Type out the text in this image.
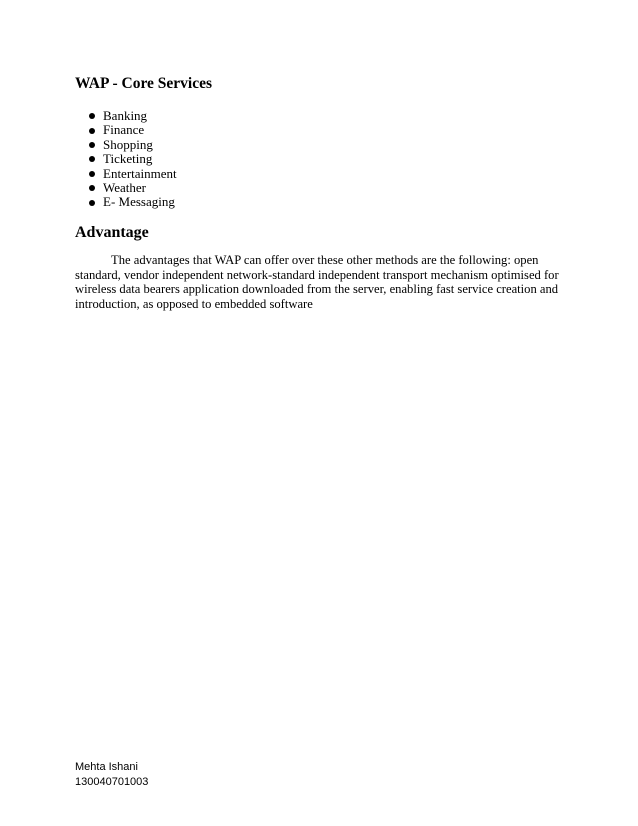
WAP - Core Services
Banking
Finance
Shopping
Ticketing
Entertainment
Weather
E- Messaging
Advantage

The advantages that WAP can offer over these other methods are the following: open standard, vendor independent network-standard independent transport mechanism optimised for wireless data bearers application downloaded from the server, enabling fast service creation and introduction, as opposed to embedded software

Mehta Ishani
130040701003
